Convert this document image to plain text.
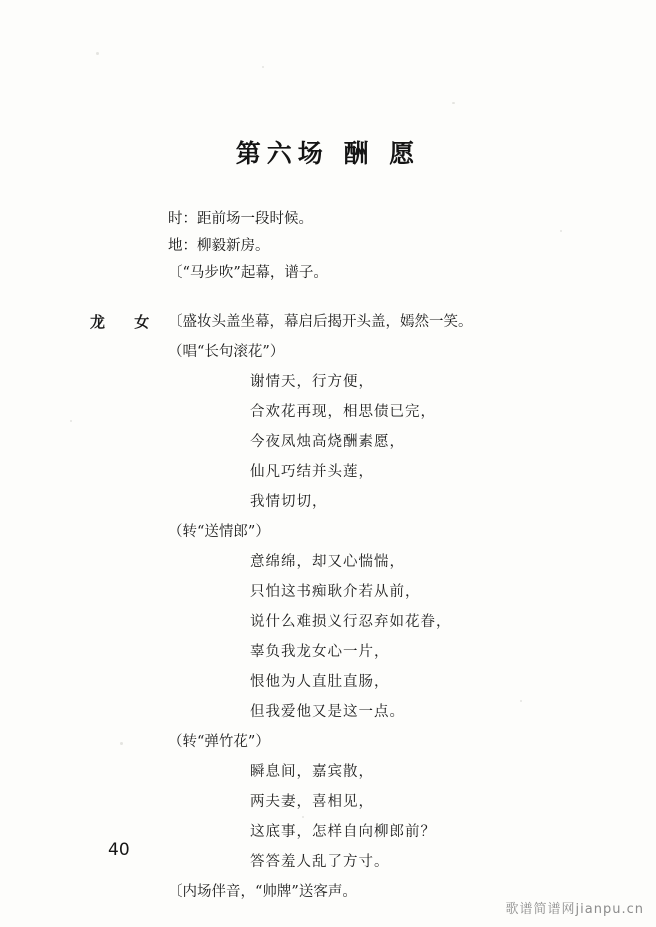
第六场 酬 愿
时：距前场一段时候。
地：柳毅新房。
〔“马步吹”起幕，谱子。
龙 女 〔盛妆头盖坐幕，幕启后揭开头盖，嫣然一笑。
（唱“长句滚花”）
谢情天，行方便，
合欢花再现，相思债已完，
今夜凤烛高烧酬素愿，
仙凡巧结并头莲，
我情切切，
（转“送情郎”）
意绵绵，却又心惴惴，
只怕这书痴耿介若从前，
说什么难损义行忍弃如花眷，
辜负我龙女心一片，
恨他为人直肚直肠，
但我爱他又是这一点。
（转“弹竹花”）
瞬息间，嘉宾散，
两夫妻，喜相见，
这底事，怎样自向柳郎前？
答答羞人乱了方寸。
〔内场伴音，“帅牌”送客声。
40
歌谱简谱网jianpu.cn
